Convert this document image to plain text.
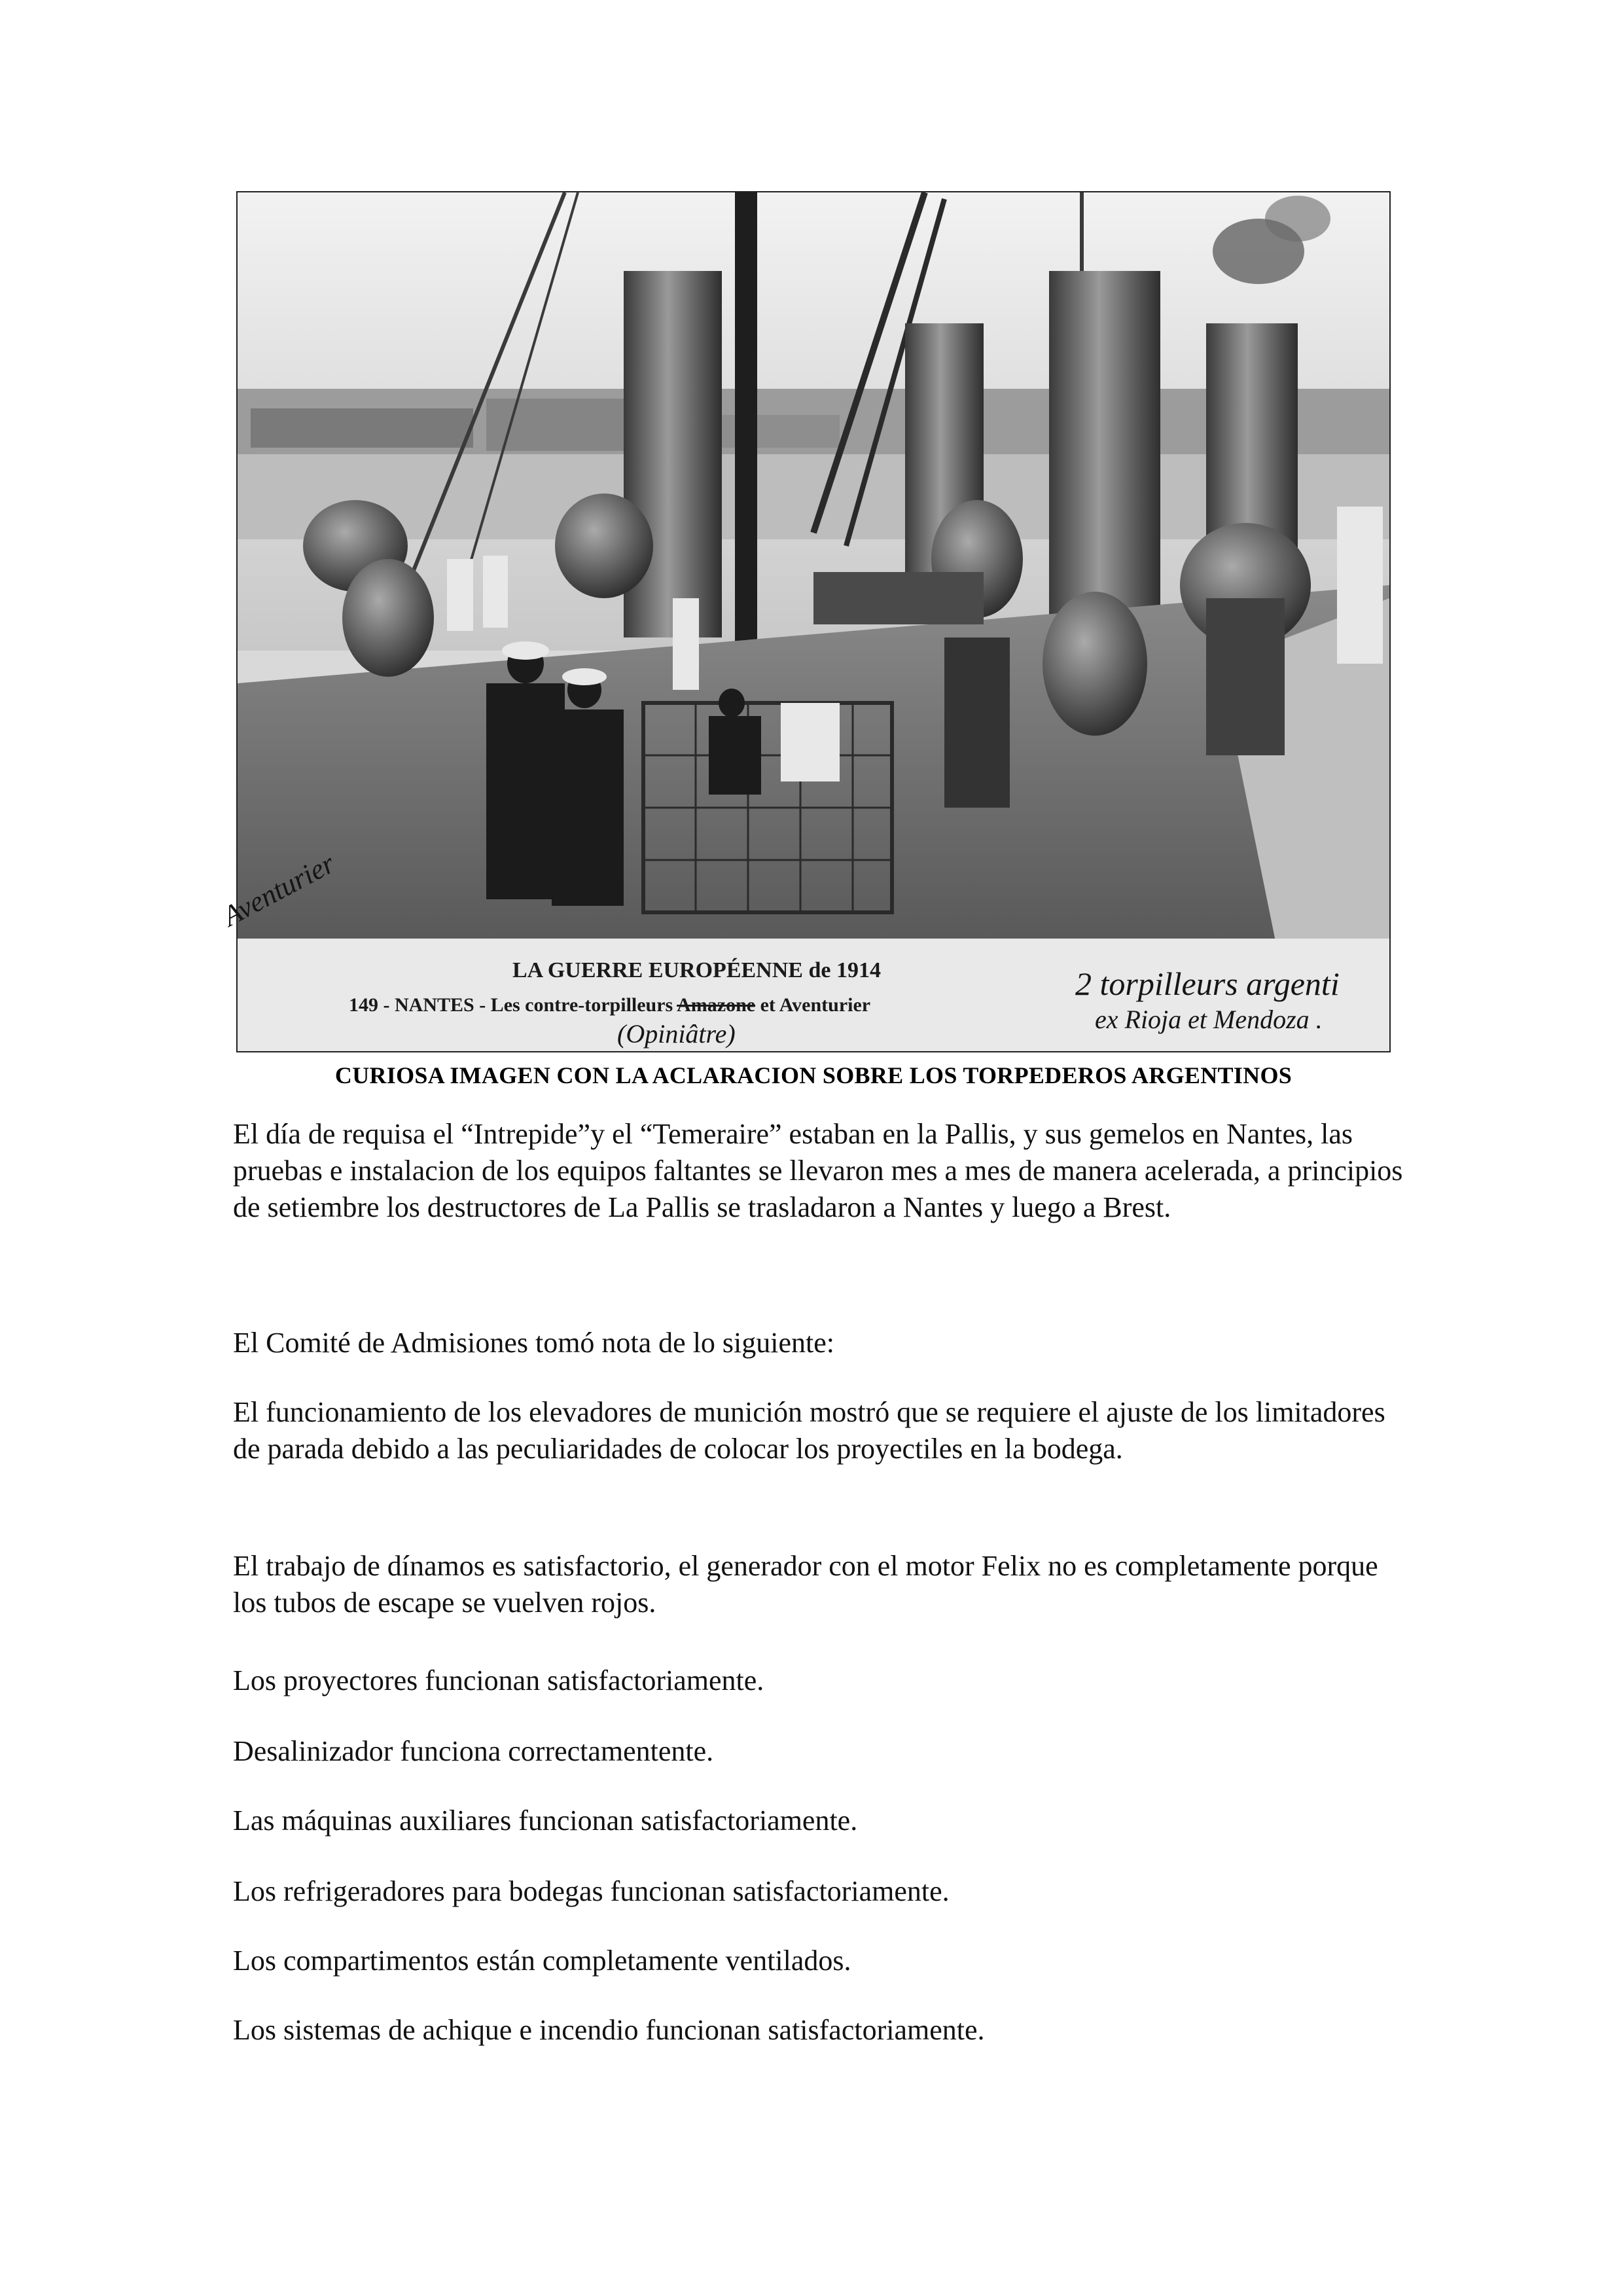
LA GUERRE EUROPÉENNE de 1914
149 - NANTES - Les contre-torpilleurs Amazone et Aventurier
(Opiniâtre)
2 torpilleurs argenti
ex Rioja et Mendoza .
Aventurier
CURIOSA IMAGEN CON LA ACLARACION SOBRE LOS TORPEDEROS ARGENTINOS

El día de requisa el “Intrepide”y el “Temeraire” estaban en la Pallis, y sus gemelos en Nantes, las pruebas e instalacion de los equipos faltantes se llevaron mes a mes de manera acelerada, a principios de setiembre los destructores de La Pallis se trasladaron a Nantes y luego a Brest.

El Comité de Admisiones tomó nota de lo siguiente:

El funcionamiento de los elevadores de munición mostró que se requiere el ajuste de los limitadores de parada debido a las peculiaridades de colocar los proyectiles en la bodega.

El trabajo de dínamos es satisfactorio, el generador con el motor Felix no es completamente porque los tubos de escape se vuelven rojos.

Los proyectores funcionan satisfactoriamente.

Desalinizador funciona correctamentente.

Las máquinas auxiliares funcionan satisfactoriamente.

Los refrigeradores para bodegas funcionan satisfactoriamente.

Los compartimentos están completamente ventilados.

Los sistemas de achique e incendio funcionan satisfactoriamente.
